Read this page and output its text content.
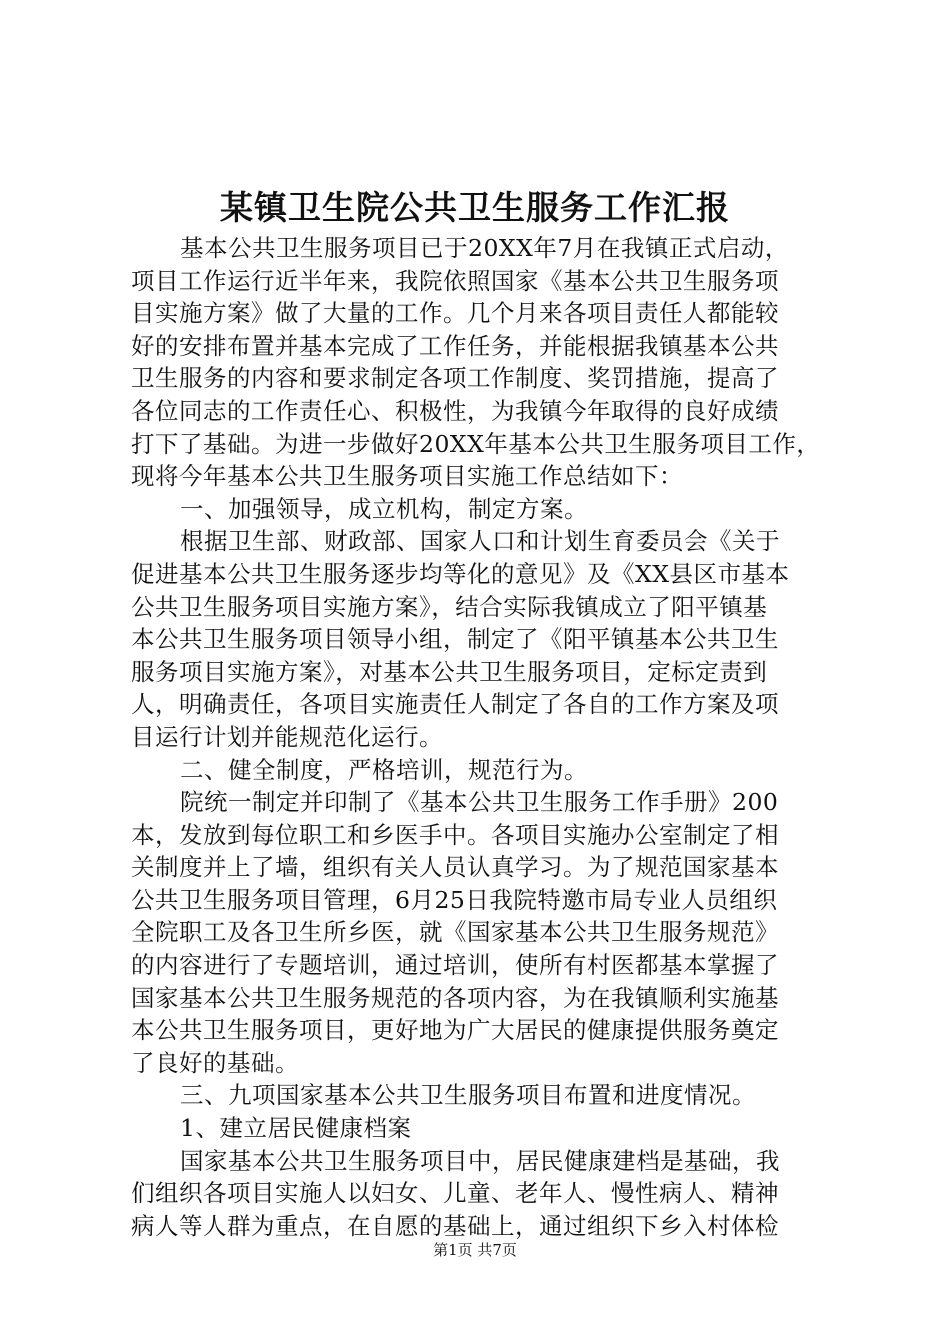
某镇卫生院公共卫生服务工作汇报
基本公共卫生服务项目已于20XX年7月在我镇正式启动，
项目工作运行近半年来，我院依照国家《基本公共卫生服务项
目实施方案》做了大量的工作。几个月来各项目责任人都能较
好的安排布置并基本完成了工作任务，并能根据我镇基本公共
卫生服务的内容和要求制定各项工作制度、奖罚措施，提高了
各位同志的工作责任心、积极性，为我镇今年取得的良好成绩
打下了基础。为进一步做好20XX年基本公共卫生服务项目工作，
现将今年基本公共卫生服务项目实施工作总结如下：
一、加强领导，成立机构，制定方案。
根据卫生部、财政部、国家人口和计划生育委员会《关于
促进基本公共卫生服务逐步均等化的意见》及《XX县区市基本
公共卫生服务项目实施方案》，结合实际我镇成立了阳平镇基
本公共卫生服务项目领导小组，制定了《阳平镇基本公共卫生
服务项目实施方案》，对基本公共卫生服务项目，定标定责到
人，明确责任，各项目实施责任人制定了各自的工作方案及项
目运行计划并能规范化运行。
二、健全制度，严格培训，规范行为。
院统一制定并印制了《基本公共卫生服务工作手册》200
本，发放到每位职工和乡医手中。各项目实施办公室制定了相
关制度并上了墙，组织有关人员认真学习。为了规范国家基本
公共卫生服务项目管理，6月25日我院特邀市局专业人员组织
全院职工及各卫生所乡医，就《国家基本公共卫生服务规范》
的内容进行了专题培训，通过培训，使所有村医都基本掌握了
国家基本公共卫生服务规范的各项内容，为在我镇顺利实施基
本公共卫生服务项目，更好地为广大居民的健康提供服务奠定
了良好的基础。
三、九项国家基本公共卫生服务项目布置和进度情况。
1、建立居民健康档案
国家基本公共卫生服务项目中，居民健康建档是基础，我
们组织各项目实施人以妇女、儿童、老年人、慢性病人、精神
病人等人群为重点，在自愿的基础上，通过组织下乡入村体检
第1页 共7页
